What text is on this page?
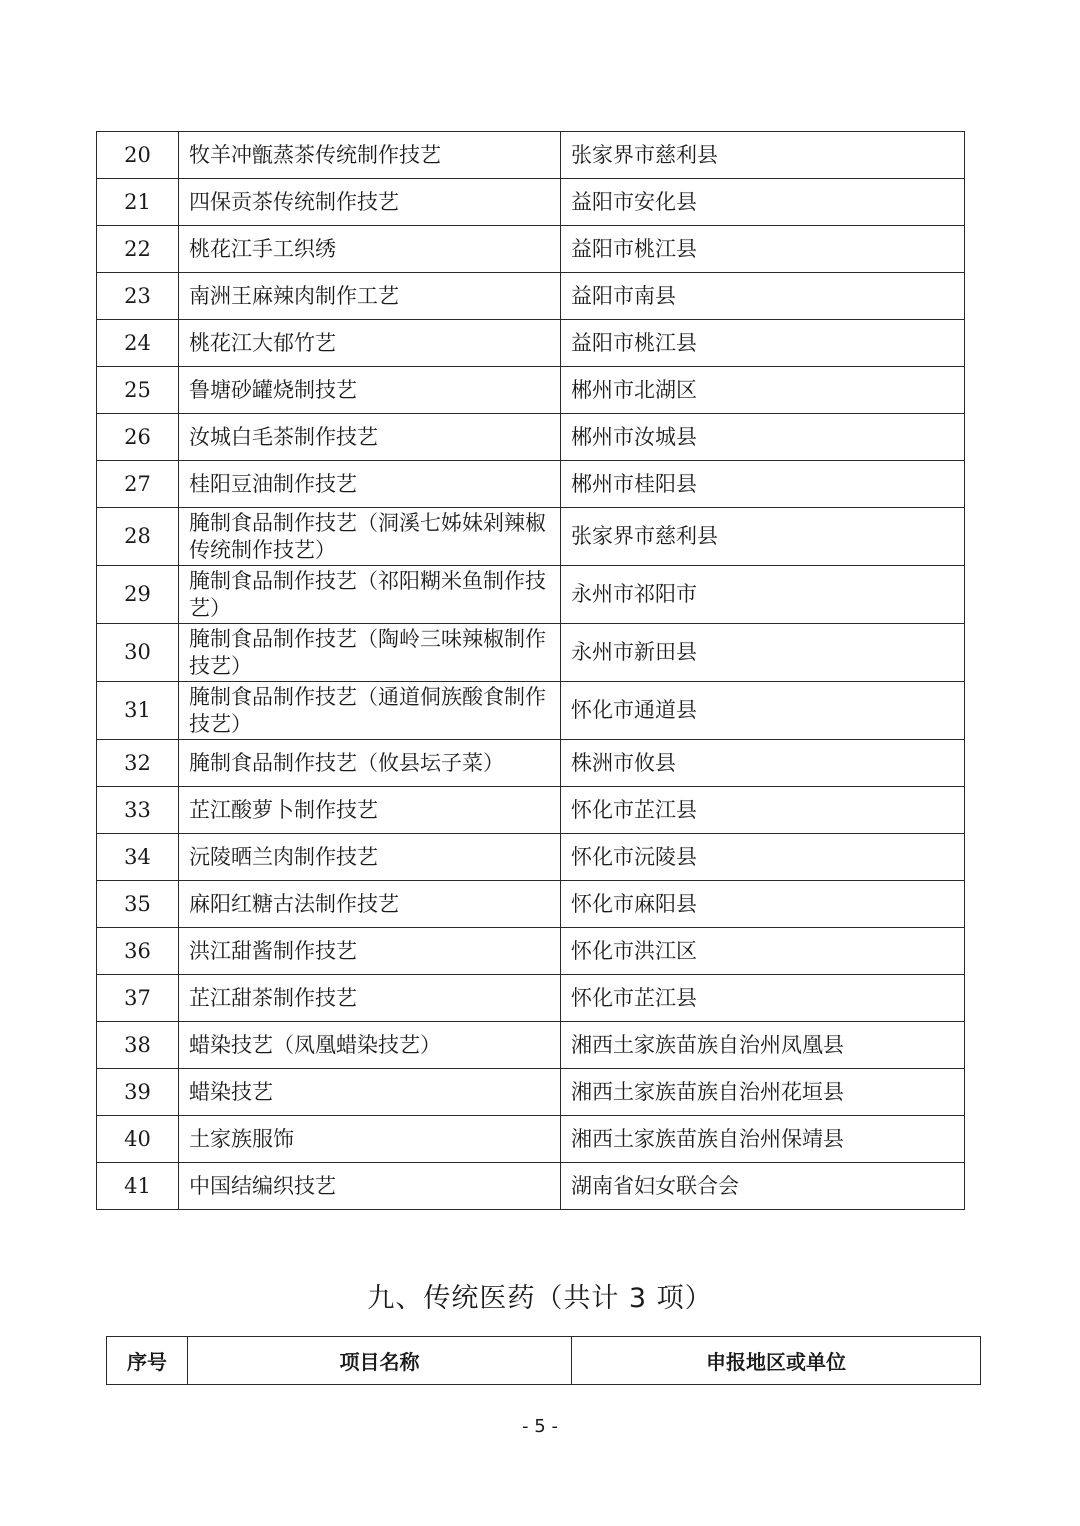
20	牧羊冲甑蒸茶传统制作技艺	张家界市慈利县
21	四保贡茶传统制作技艺	益阳市安化县
22	桃花江手工织绣	益阳市桃江县
23	南洲王麻辣肉制作工艺	益阳市南县
24	桃花江大郁竹艺	益阳市桃江县
25	鲁塘砂罐烧制技艺	郴州市北湖区
26	汝城白毛茶制作技艺	郴州市汝城县
27	桂阳豆油制作技艺	郴州市桂阳县
28	腌制食品制作技艺（洞溪七姊妹剁辣椒传统制作技艺）	张家界市慈利县
29	腌制食品制作技艺（祁阳糊米鱼制作技艺）	永州市祁阳市
30	腌制食品制作技艺（陶岭三味辣椒制作技艺）	永州市新田县
31	腌制食品制作技艺（通道侗族酸食制作技艺）	怀化市通道县
32	腌制食品制作技艺（攸县坛子菜）	株洲市攸县
33	芷江酸萝卜制作技艺	怀化市芷江县
34	沅陵晒兰肉制作技艺	怀化市沅陵县
35	麻阳红糖古法制作技艺	怀化市麻阳县
36	洪江甜酱制作技艺	怀化市洪江区
37	芷江甜茶制作技艺	怀化市芷江县
38	蜡染技艺（凤凰蜡染技艺）	湘西土家族苗族自治州凤凰县
39	蜡染技艺	湘西土家族苗族自治州花垣县
40	土家族服饰	湘西土家族苗族自治州保靖县
41	中国结编织技艺	湖南省妇女联合会
九、传统医药（共计 3 项）
序号	项目名称	申报地区或单位
- 5 -
